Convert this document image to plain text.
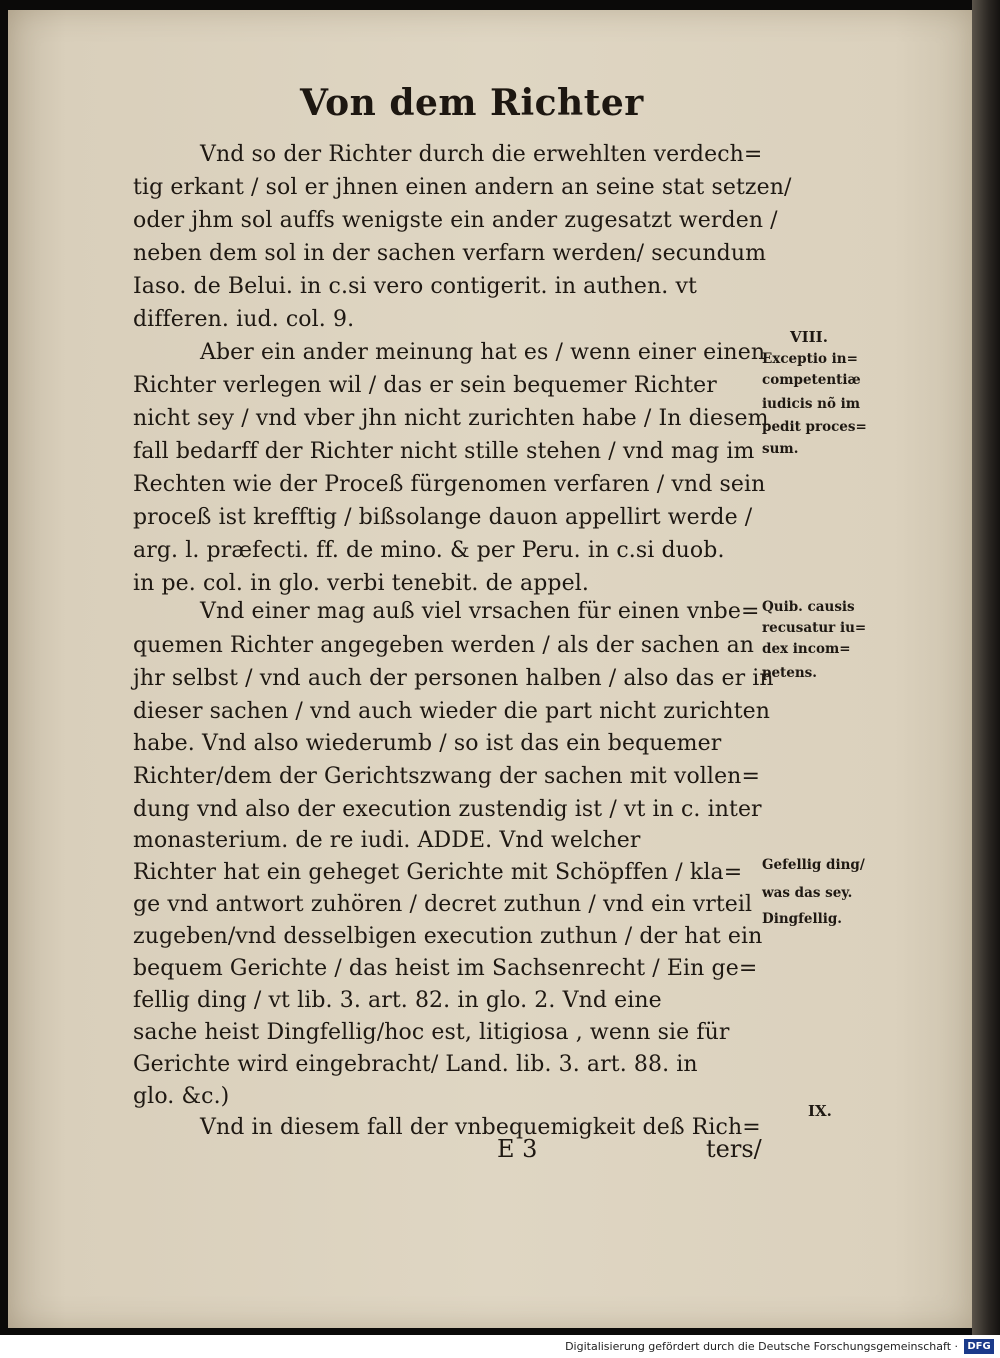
Von dem Richter
Vnd so der Richter durch die erwehlten verdech=
tig erkant / sol er jhnen einen andern an seine stat setzen/
oder jhm sol auffs wenigste ein ander zugesatzt werden /
neben dem sol in der sachen verfarn werden/ secundum
Iaso. de Belui. in c.si vero contigerit. in authen. vt
differen. iud. col. 9.
Aber ein ander meinung hat es / wenn einer einen
Richter verlegen wil / das er sein bequemer Richter
nicht sey / vnd vber jhn nicht zurichten habe / In diesem
fall bedarff der Richter nicht stille stehen / vnd mag im
Rechten wie der Proceß fürgenomen verfaren / vnd sein
proceß ist krefftig / bißsolange dauon appellirt werde /
arg. l. præfecti. ff. de mino. & per Peru. in c.si duob.
in pe. col. in glo. verbi tenebit. de appel.
Vnd einer mag auß viel vrsachen für einen vnbe=
quemen Richter angegeben werden / als der sachen an
jhr selbst / vnd auch der personen halben / also das er in
dieser sachen / vnd auch wieder die part nicht zurichten
habe. Vnd also wiederumb / so ist das ein bequemer
Richter/dem der Gerichtszwang der sachen mit vollen=
dung vnd also der execution zustendig ist / vt in c. inter
monasterium. de re iudi. ADDE. Vnd welcher
Richter hat ein geheget Gerichte mit Schöpffen / kla=
ge vnd antwort zuhören / decret zuthun / vnd ein vrteil
zugeben/vnd desselbigen execution zuthun / der hat ein
bequem Gerichte / das heist im Sachsenrecht / Ein ge=
fellig ding / vt lib. 3. art. 82. in glo. 2. Vnd eine
sache heist Dingfellig/hoc est, litigiosa , wenn sie für
Gerichte wird eingebracht/ Land. lib. 3. art. 88. in
glo. &c.)
Vnd in diesem fall der vnbequemigkeit deß Rich=
VIII.
Exceptio in=
competentiæ
iudicis nõ im
pedit proces=
sum.
Quib. causis
recusatur iu=
dex incom=
petens.
Gefellig ding/
was das sey.
Dingfellig.
IX.
E 3	ters/
Digitalisierung gefördert durch die Deutsche Forschungsgemeinschaft · DFG
